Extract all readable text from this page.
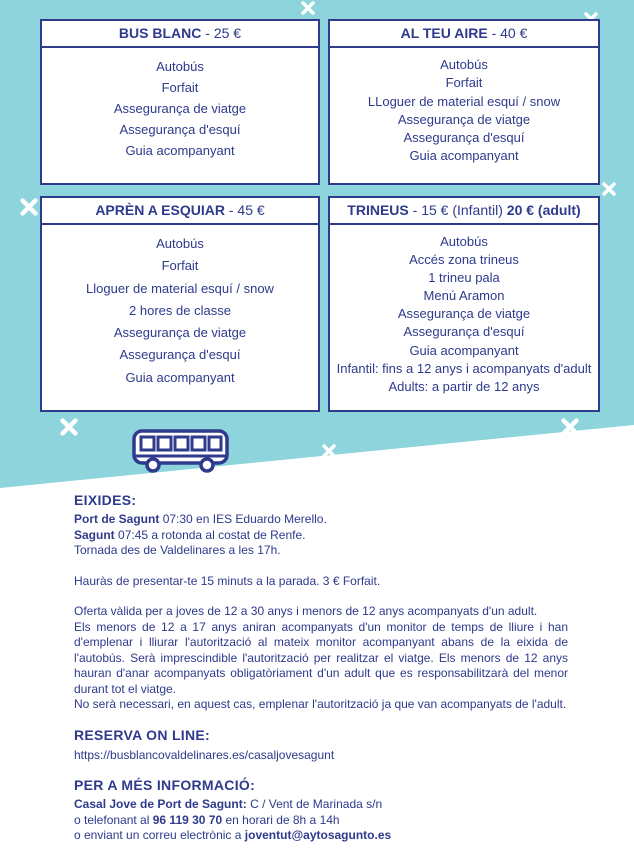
BUS BLANC - 25 €
Autobús
Forfait
Assegurança de viatge
Assegurança d'esquí
Guia acompanyant
AL TEU AIRE - 40 €
Autobús
Forfait
LLoguer de material esquí / snow
Assegurança de viatge
Assegurança d'esquí
Guia acompanyant
APRÈN A ESQUIAR - 45 €
Autobús
Forfait
Lloguer de material esquí / snow
2 hores de classe
Assegurança de viatge
Assegurança d'esquí
Guia acompanyant
TRINEUS - 15 € (Infantil) 20 € (adult)
Autobús
Accés zona trineus
1 trineu pala
Menú Aramon
Assegurança de viatge
Assegurança d'esquí
Guia acompanyant
Infantil: fins a 12 anys i acompanyats d'adult
Adults: a partir de 12 anys
EIXIDES:
Port de Sagunt 07:30 en IES Eduardo Merello.
Sagunt 07:45 a rotonda al costat de Renfe.
Tornada des de Valdelinares a les 17h.
Hauràs de presentar-te 15 minuts a la parada. 3 € Forfait.
Oferta vàlida per a joves de 12 a 30 anys i menors de 12 anys acompanyats d'un adult.
Els menors de 12 a 17 anys aniran acompanyats d'un monitor de temps de lliure i han d'emplenar i lliurar l'autorització al mateix monitor acompanyant abans de la eixida de l'autobús. Serà imprescindible l'autorització per realitzar el viatge. Els menors de 12 anys hauran d'anar acompanyats obligatòriament d'un adult que es responsabilitzarà del menor durant tot el viatge.
No serà necessari, en aquest cas, emplenar l'autorització ja que van acompanyats de l'adult.
RESERVA ON LINE:
https://busblancovaldelinares.es/casaljovesagunt
PER A MÉS INFORMACIÓ:
Casal Jove de Port de Sagunt: C / Vent de Marinada s/n
o telefonant al 96 119 30 70 en horari de 8h a 14h
o enviant un correu electrònic a joventut@aytosagunto.es
